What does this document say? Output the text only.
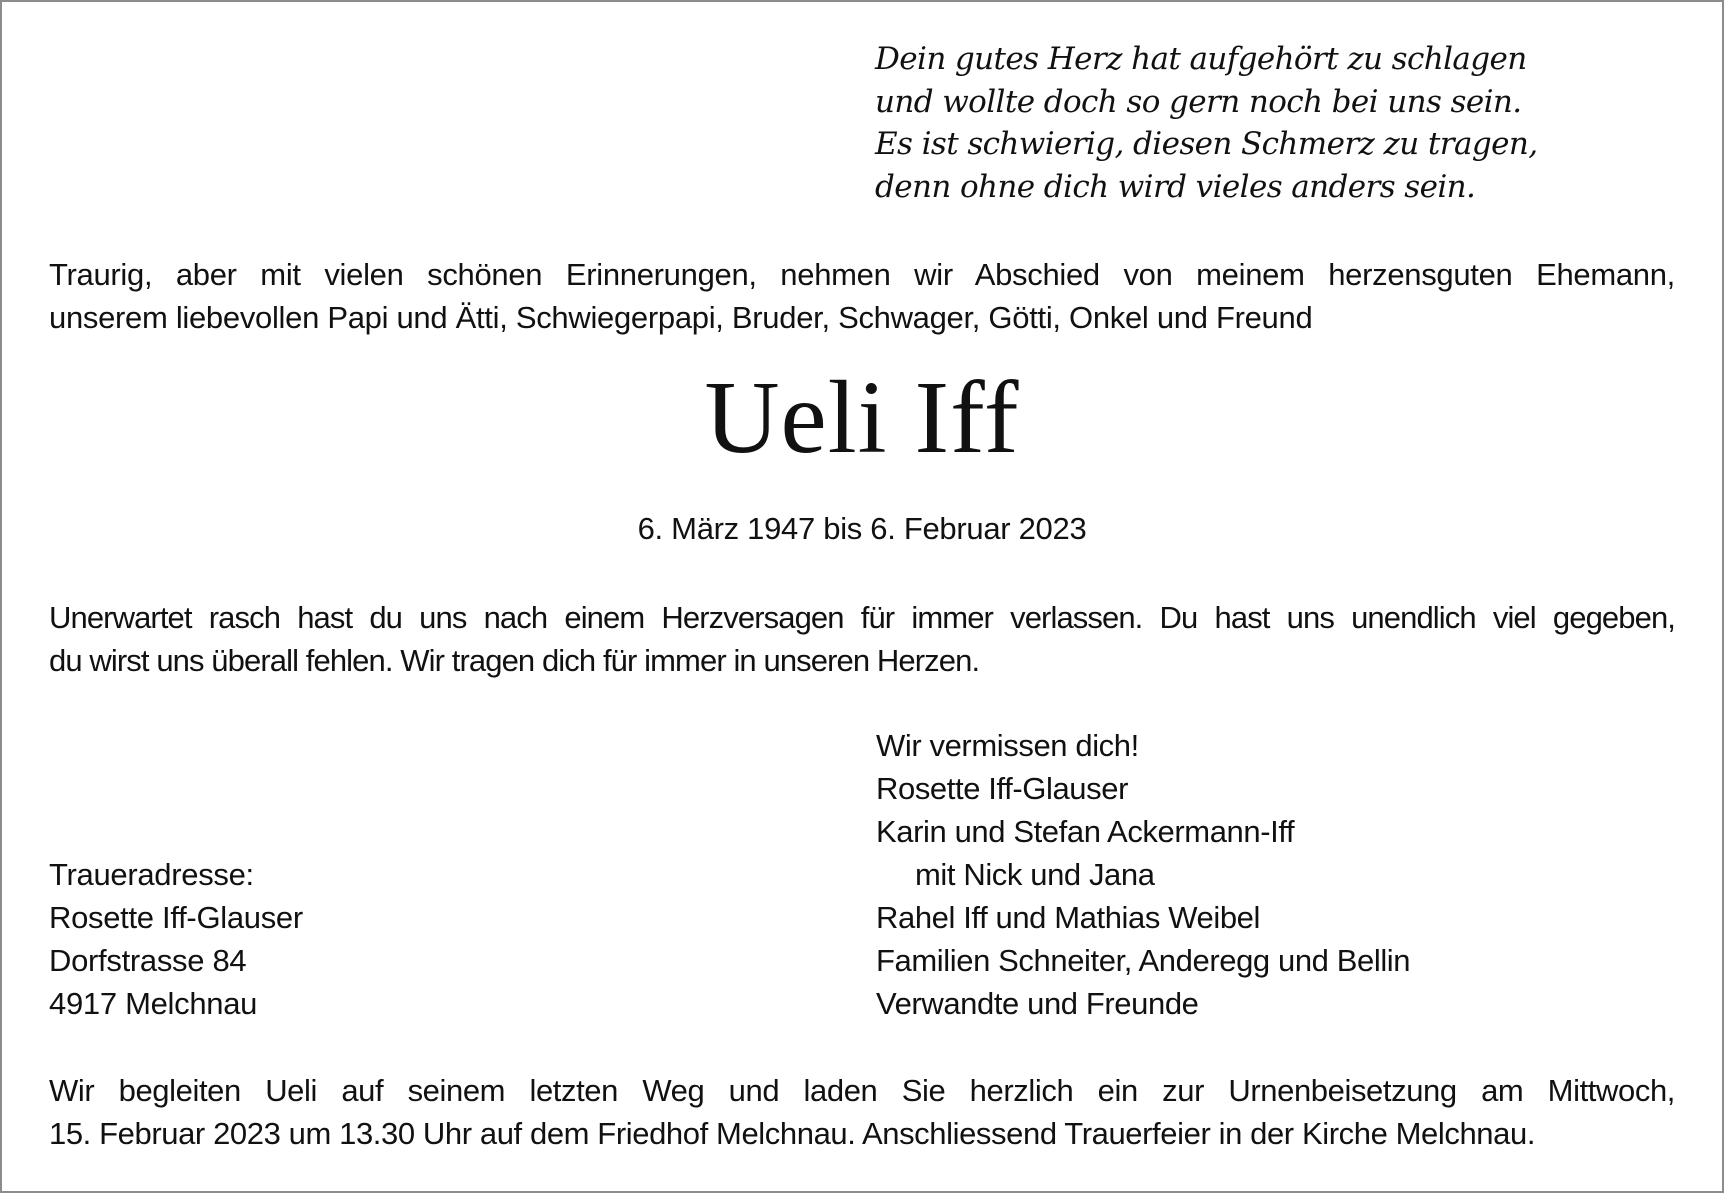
Dein gutes Herz hat aufgehört zu schlagen
und wollte doch so gern noch bei uns sein.
Es ist schwierig, diesen Schmerz zu tragen,
denn ohne dich wird vieles anders sein.
Traurig, aber mit vielen schönen Erinnerungen, nehmen wir Abschied von meinem herzensguten Ehemann,
unserem liebevollen Papi und Ätti, Schwiegerpapi, Bruder, Schwager, Götti, Onkel und Freund
Ueli Iff
6. März 1947 bis 6. Februar 2023
Unerwartet rasch hast du uns nach einem Herzversagen für immer verlassen. Du hast uns unendlich viel gegeben,
du wirst uns überall fehlen. Wir tragen dich für immer in unseren Herzen.
Wir vermissen dich!
Rosette Iff-Glauser
Karin und Stefan Ackermann-Iff
mit Nick und Jana
Rahel Iff und Mathias Weibel
Familien Schneiter, Anderegg und Bellin
Verwandte und Freunde
Traueradresse:
Rosette Iff-Glauser
Dorfstrasse 84
4917 Melchnau
Wir begleiten Ueli auf seinem letzten Weg und laden Sie herzlich ein zur Urnenbeisetzung am Mittwoch,
15. Februar 2023 um 13.30 Uhr auf dem Friedhof Melchnau. Anschliessend Trauerfeier in der Kirche Melchnau.
